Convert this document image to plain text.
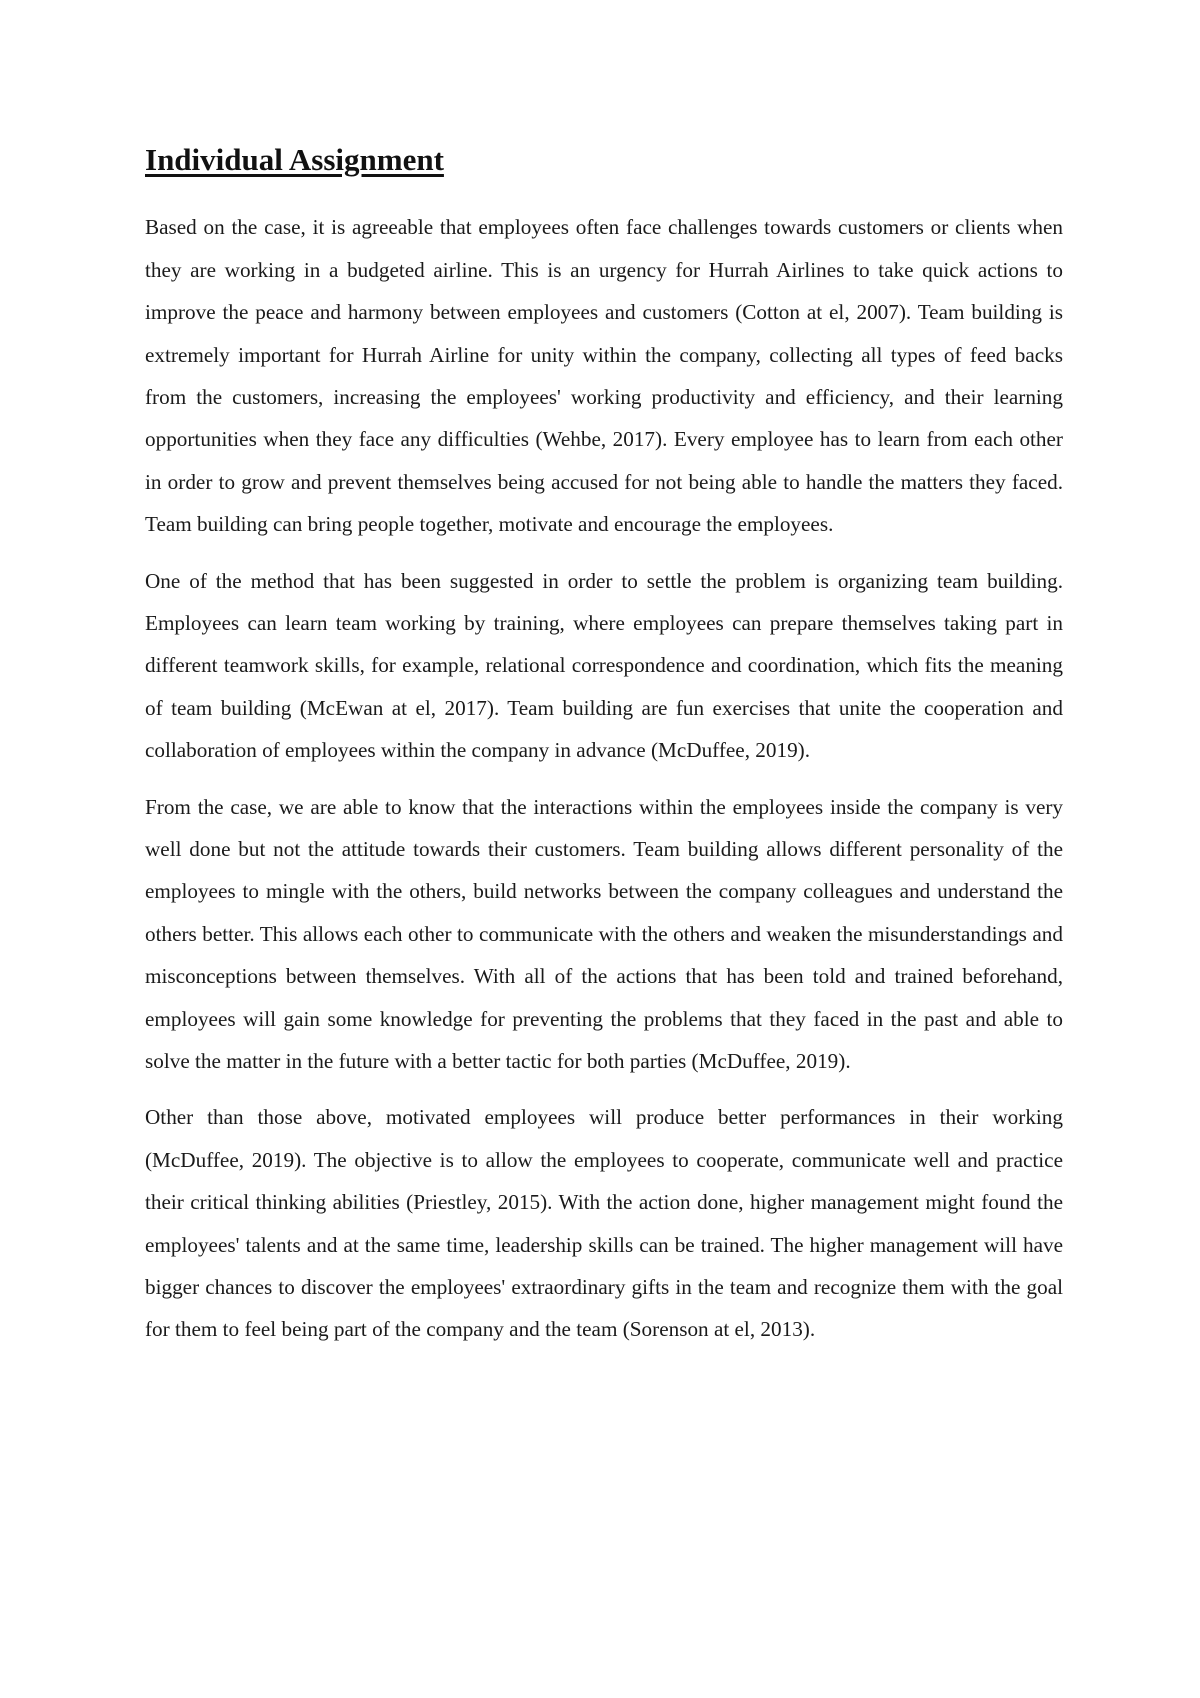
Individual Assignment

Based on the case, it is agreeable that employees often face challenges towards customers or clients when they are working in a budgeted airline. This is an urgency for Hurrah Airlines to take quick actions to improve the peace and harmony between employees and customers (Cotton at el, 2007). Team building is extremely important for Hurrah Airline for unity within the company, collecting all types of feed backs from the customers, increasing the employees' working productivity and efficiency, and their learning opportunities when they face any difficulties (Wehbe, 2017). Every employee has to learn from each other in order to grow and prevent themselves being accused for not being able to handle the matters they faced. Team building can bring people together, motivate and encourage the employees.

One of the method that has been suggested in order to settle the problem is organizing team building. Employees can learn team working by training, where employees can prepare themselves taking part in different teamwork skills, for example, relational correspondence and coordination, which fits the meaning of team building (McEwan at el, 2017). Team building are fun exercises that unite the cooperation and collaboration of employees within the company in advance (McDuffee, 2019).

From the case, we are able to know that the interactions within the employees inside the company is very well done but not the attitude towards their customers. Team building allows different personality of the employees to mingle with the others, build networks between the company colleagues and understand the others better. This allows each other to communicate with the others and weaken the misunderstandings and misconceptions between themselves. With all of the actions that has been told and trained beforehand, employees will gain some knowledge for preventing the problems that they faced in the past and able to solve the matter in the future with a better tactic for both parties (McDuffee, 2019).

Other than those above, motivated employees will produce better performances in their working (McDuffee, 2019). The objective is to allow the employees to cooperate, communicate well and practice their critical thinking abilities (Priestley, 2015). With the action done, higher management might found the employees' talents and at the same time, leadership skills can be trained. The higher management will have bigger chances to discover the employees' extraordinary gifts in the team and recognize them with the goal for them to feel being part of the company and the team (Sorenson at el, 2013).
